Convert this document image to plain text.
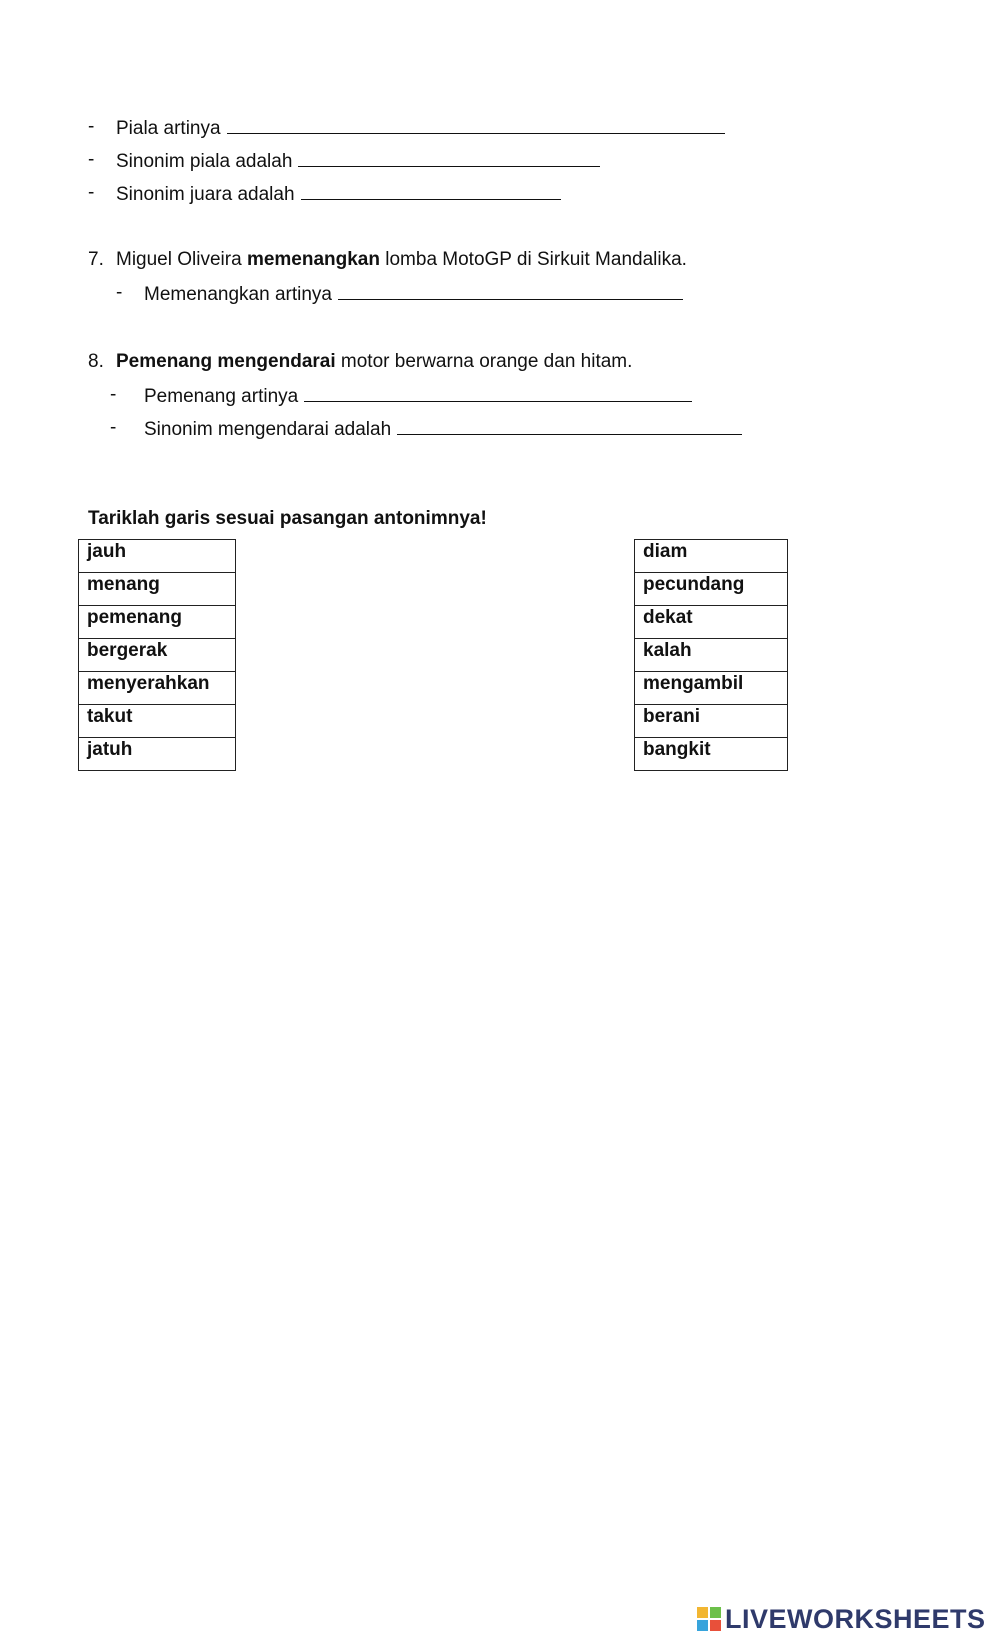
- Piala artinya
- Sinonim piala adalah
- Sinonim juara adalah
7. Miguel Oliveira memenangkan lomba MotoGP di Sirkuit Mandalika.
- Memenangkan artinya
8. Pemenang mengendarai motor berwarna orange dan hitam.
- Pemenang artinya
- Sinonim mengendarai adalah
Tariklah garis sesuai pasangan antonimnya!
jauh
menang
pemenang
bergerak
menyerahkan
takut
jatuh
diam
pecundang
dekat
kalah
mengambil
berani
bangkit
LIVEWORKSHEETS
